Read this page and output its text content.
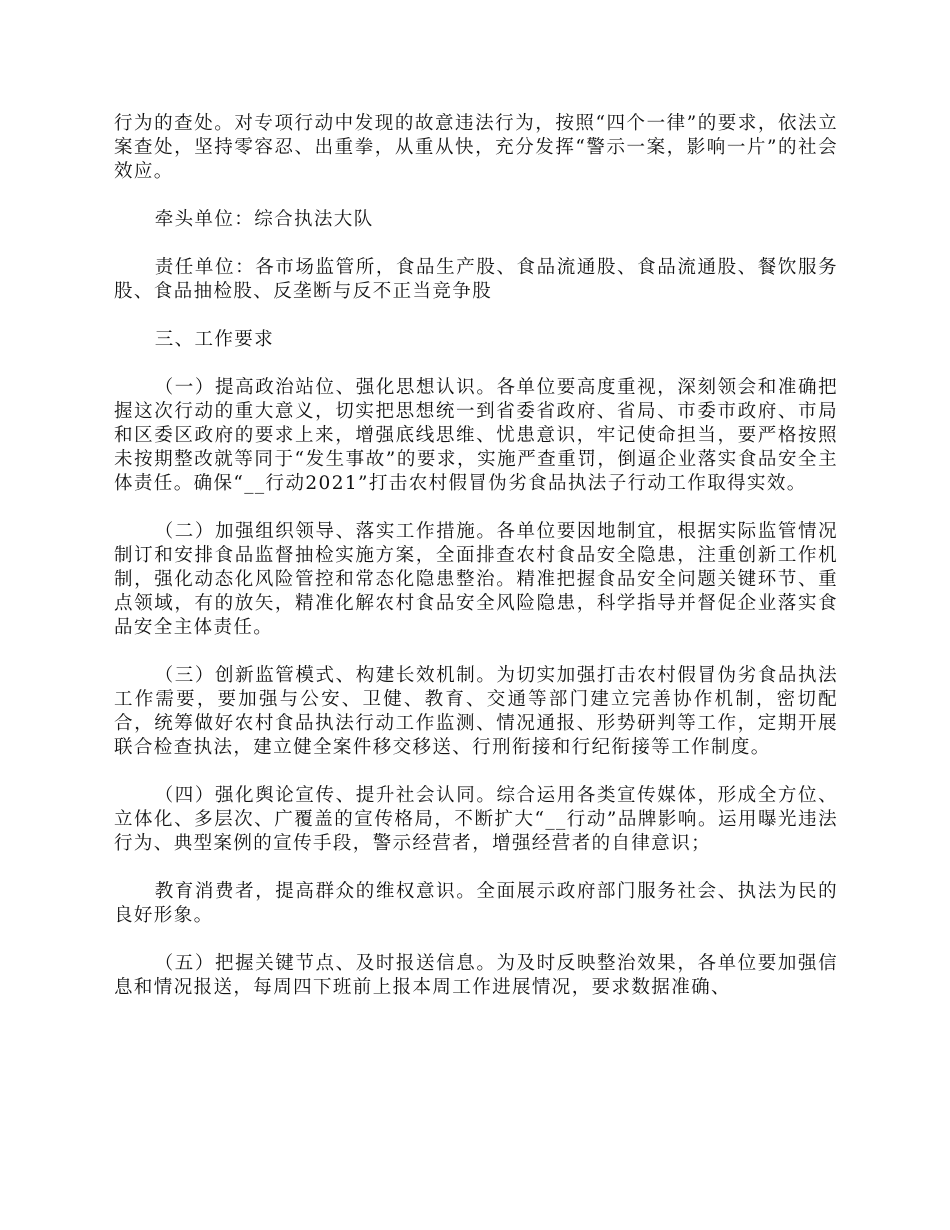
行为的查处。对专项行动中发现的故意违法行为，按照“四个一律”的要求，依法立案查处，坚持零容忍、出重拳，从重从快，充分发挥“警示一案，影响一片”的社会效应。

牵头单位：综合执法大队

责任单位：各市场监管所，食品生产股、食品流通股、食品流通股、餐饮服务股、食品抽检股、反垄断与反不正当竞争股

三、工作要求

（一）提高政治站位、强化思想认识。各单位要高度重视，深刻领会和准确把握这次行动的重大意义，切实把思想统一到省委省政府、省局、市委市政府、市局和区委区政府的要求上来，增强底线思维、忧患意识，牢记使命担当，要严格按照未按期整改就等同于“发生事故”的要求，实施严查重罚，倒逼企业落实食品安全主体责任。确保“__行动2021”打击农村假冒伪劣食品执法子行动工作取得实效。

（二）加强组织领导、落实工作措施。各单位要因地制宜，根据实际监管情况制订和安排食品监督抽检实施方案，全面排查农村食品安全隐患，注重创新工作机制，强化动态化风险管控和常态化隐患整治。精准把握食品安全问题关键环节、重点领域，有的放矢，精准化解农村食品安全风险隐患，科学指导并督促企业落实食品安全主体责任。

（三）创新监管模式、构建长效机制。为切实加强打击农村假冒伪劣食品执法工作需要，要加强与公安、卫健、教育、交通等部门建立完善协作机制，密切配合，统筹做好农村食品执法行动工作监测、情况通报、形势研判等工作，定期开展联合检查执法，建立健全案件移交移送、行刑衔接和行纪衔接等工作制度。

（四）强化舆论宣传、提升社会认同。综合运用各类宣传媒体，形成全方位、立体化、多层次、广覆盖的宣传格局，不断扩大“__行动”品牌影响。运用曝光违法行为、典型案例的宣传手段，警示经营者，增强经营者的自律意识；

教育消费者，提高群众的维权意识。全面展示政府部门服务社会、执法为民的良好形象。

（五）把握关键节点、及时报送信息。为及时反映整治效果，各单位要加强信息和情况报送，每周四下班前上报本周工作进展情况，要求数据准确、
